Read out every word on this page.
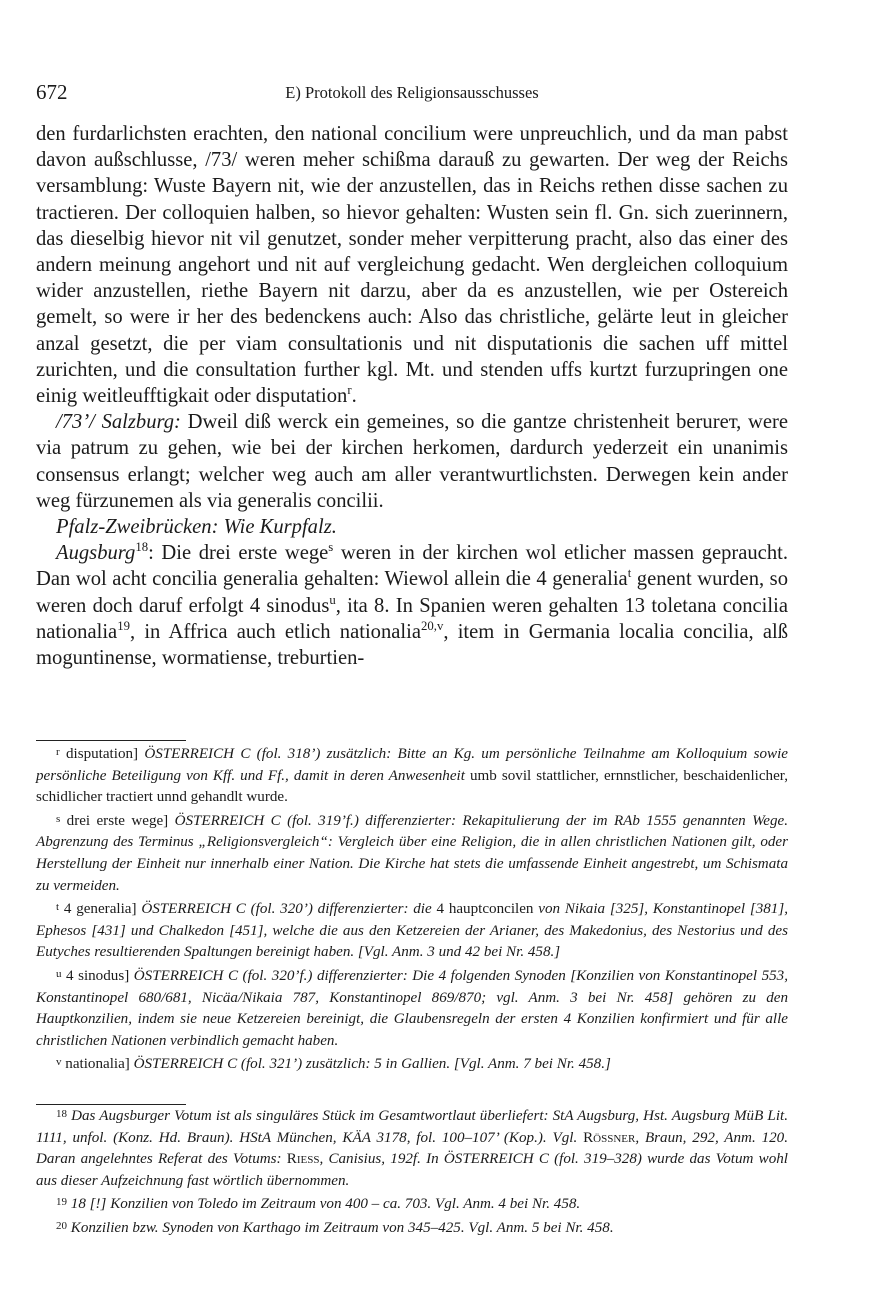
672	E) Protokoll des Religionsausschusses

den furdarlichsten erachten, den national concilium were unpreuchlich, und da man pabst davon außschlusse, /73/ weren meher schißma darauß zu gewarten. Der weg der Reichs versamblung: Wuste Bayern nit, wie der anzustellen, das in Reichs rethen disse sachen zu tractieren. Der colloquien halben, so hievor gehalten: Wusten sein fl. Gn. sich zuerinnern, das dieselbig hievor nit vil genutzet, sonder meher verpitterung pracht, also das einer des andern meinung angehort und nit auf vergleichung gedacht. Wen dergleichen colloquium wider anzustellen, riethe Bayern nit darzu, aber da es anzustellen, wie per Ostereich gemelt, so were ir her des bedenckens auch: Also das christliche, gelärte leut in gleicher anzal gesetzt, die per viam consultationis und nit disputationis die sachen uff mittel zurichten, und die consultation further kgl. Mt. und stenden uffs kurtzt furzupringen one einig weitleufftigkait oder disputation$^r$.

/73’/ Salzburg: Dweil diß werck ein gemeines, so die gantze christenheit berurет, were via patrum zu gehen, wie bei der kirchen herkomen, dardurch yederzeit ein unanimis consensus erlangt; welcher weg auch am aller verantwurtlichsten. Derwegen kein ander weg fürzunemen als via generalis concilii.

Pfalz-Zweibrücken: Wie Kurpfalz.

Augsburg$^{18}$: Die drei erste wege$^s$ weren in der kirchen wol etlicher massen gepraucht. Dan wol acht concilia generalia gehalten: Wiewol allein die 4 generalia$^t$ genent wurden, so weren doch daruf erfolgt 4 sinodus$^u$, ita 8. In Spanien weren gehalten 13 toletana concilia nationalia$^{19}$, in Affrica auch etlich nationalia$^{20,v}$, item in Germania localia concilia, alß moguntinense, wormatiense, treburtien-

r disputation] ÖSTERREICH C (fol. 318’) zusätzlich: Bitte an Kg. um persönliche Teilnahme am Kolloquium sowie persönliche Beteiligung von Kff. und Ff., damit in deren Anwesenheit umb sovil stattlicher, ernnstlicher, beschaidenlicher, schidlicher tractiert unnd gehandlt wurde.

s drei erste wege] ÖSTERREICH C (fol. 319’f.) differenzierter: Rekapitulierung der im RAb 1555 genannten Wege. Abgrenzung des Terminus „Religionsvergleich“: Vergleich über eine Religion, die in allen christlichen Nationen gilt, oder Herstellung der Einheit nur innerhalb einer Nation. Die Kirche hat stets die umfassende Einheit angestrebt, um Schismata zu vermeiden.

t 4 generalia] ÖSTERREICH C (fol. 320’) differenzierter: die 4 hauptconcilen von Nikaia [325], Konstantinopel [381], Ephesos [431] und Chalkedon [451], welche die aus den Ketzereien der Arianer, des Makedonius, des Nestorius und des Eutyches resultierenden Spaltungen bereinigt haben. [Vgl. Anm. 3 und 42 bei Nr. 458.]

u 4 sinodus] ÖSTERREICH C (fol. 320’f.) differenzierter: Die 4 folgenden Synoden [Konzilien von Konstantinopel 553, Konstantinopel 680/681, Nicäa/Nikaia 787, Konstantinopel 869/870; vgl. Anm. 3 bei Nr. 458] gehören zu den Hauptkonzilien, indem sie neue Ketzereien bereinigt, die Glaubensregeln der ersten 4 Konzilien konfirmiert und für alle christlichen Nationen verbindlich gemacht haben.

v nationalia] ÖSTERREICH C (fol. 321’) zusätzlich: 5 in Gallien. [Vgl. Anm. 7 bei Nr. 458.]

18 Das Augsburger Votum ist als singuläres Stück im Gesamtwortlaut überliefert: StA Augsburg, Hst. Augsburg MüB Lit. 1111, unfol. (Konz. Hd. Braun). HStA München, KÄA 3178, fol. 100–107’ (Kop.). Vgl. Rössner, Braun, 292, Anm. 120. Daran angelehntes Referat des Votums: Riess, Canisius, 192f. In ÖSTERREICH C (fol. 319–328) wurde das Votum wohl aus dieser Aufzeichnung fast wörtlich übernommen.

19 18 [!] Konzilien von Toledo im Zeitraum von 400 – ca. 703. Vgl. Anm. 4 bei Nr. 458.

20 Konzilien bzw. Synoden von Karthago im Zeitraum von 345–425. Vgl. Anm. 5 bei Nr. 458.
